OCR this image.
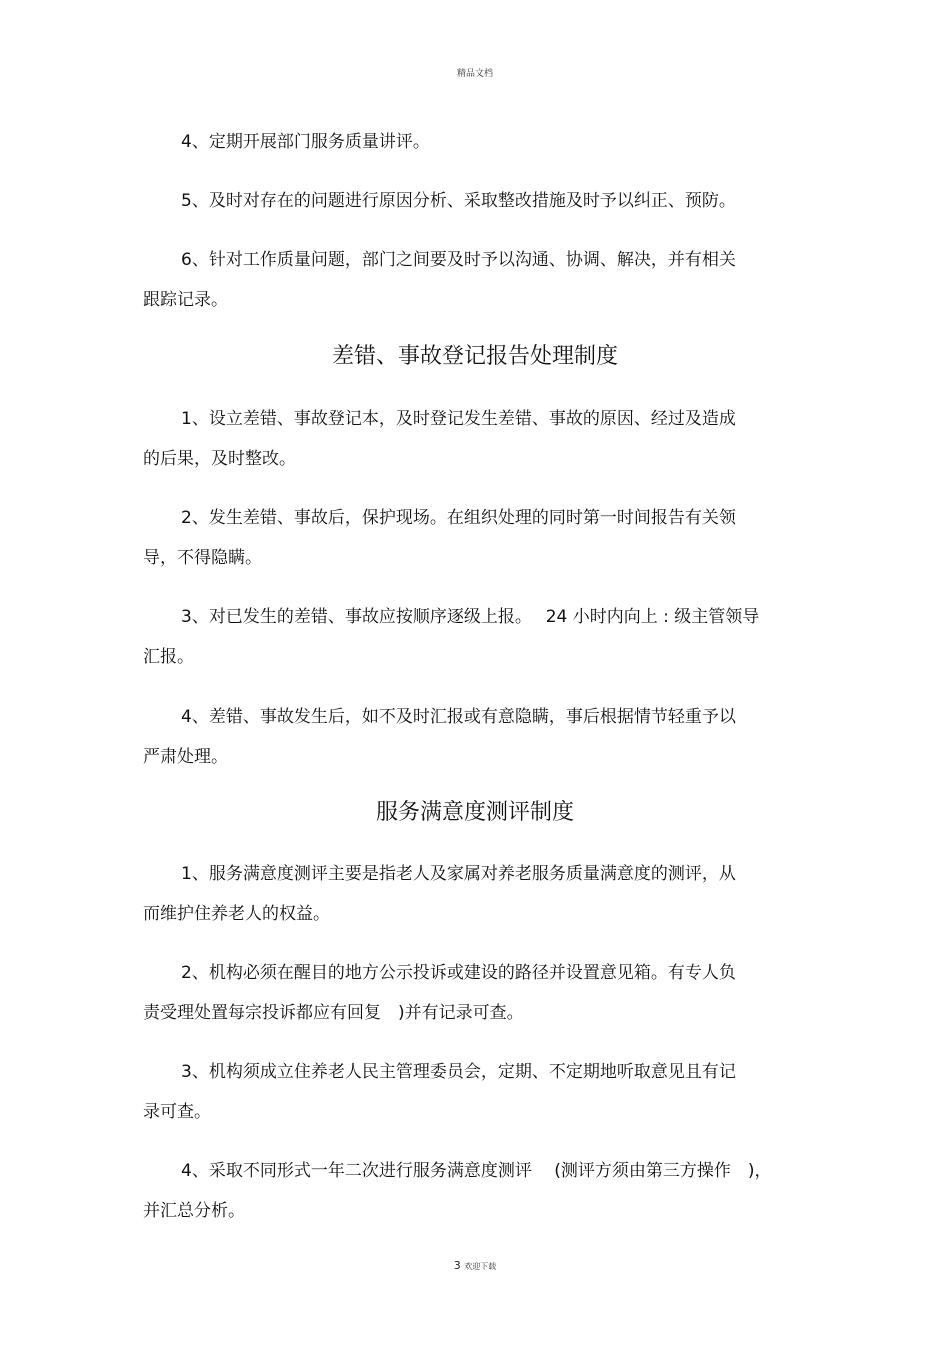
精品文档
4、定期开展部门服务质量讲评。
5、及时对存在的问题进行原因分析、采取整改措施及时予以纠正、预防。
6、针对工作质量问题，部门之间要及时予以沟通、协调、解决，并有相关
跟踪记录。
差错、事故登记报告处理制度
1、设立差错、事故登记本，及时登记发生差错、事故的原因、经过及造成
的后果，及时整改。
2、发生差错、事故后，保护现场。在组织处理的同时第一时间报告有关领
导，不得隐瞒。
3、对已发生的差错、事故应按顺序逐级上报。　 24 小时内向上 : 级主管领导
汇报。
4、差错、事故发生后，如不及时汇报或有意隐瞒，事后根据情节轻重予以
严肃处理。
服务满意度测评制度
1、服务满意度测评主要是指老人及家属对养老服务质量满意度的测评，从
而维护住养老人的权益。
2、机构必须在醒目的地方公示投诉或建设的路径并设置意见箱。有专人负
责受理处置每宗投诉都应有回复　)并有记录可查。
3、机构须成立住养老人民主管理委员会，定期、不定期地听取意见且有记
录可查。
4、采取不同形式一年二次进行服务满意度测评　 (测评方须由第三方操作　)，
并汇总分析。
3 欢迎下载
